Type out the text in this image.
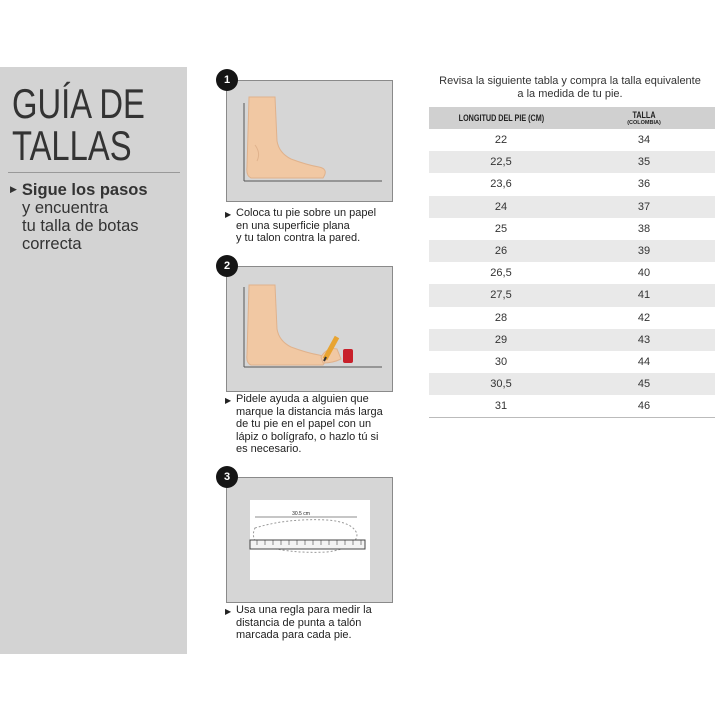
GUÍA DE
TALLAS
▶ Sigue los pasos
y encuentra
tu talla de botas
correcta
1
▶ Coloca tu pie sobre un papel
en una superficie plana
y tu talon contra la pared.
2
▶ Pidele ayuda a alguien que
marque la distancia más larga
de tu pie en el papel con un
lápiz o bolígrafo, o hazlo tú si
es necesario.
3
30.5 cm
▶ Usa una regla para medir la
distancia de punta a talón
marcada para cada pie.
Revisa la siguiente tabla y compra la talla equivalente
a la medida de tu pie.
LONGITUD DEL PIE (CM)	TALLA
(COLOMBIA)

22	34
22,5	35
23,6	36
24	37
25	38
26	39
26,5	40
27,5	41
28	42
29	43
30	44
30,5	45
31	46
